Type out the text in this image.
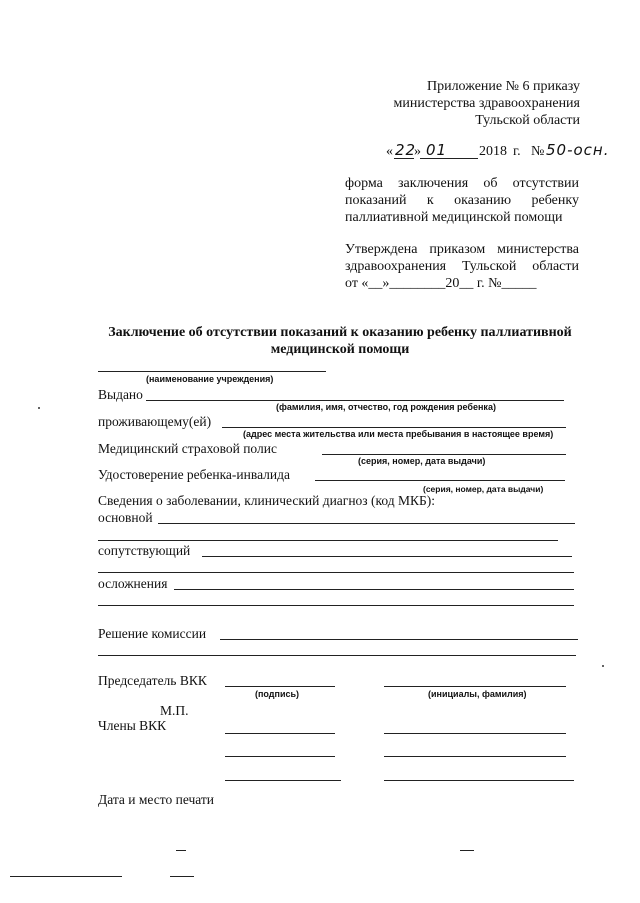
Приложение № 6 приказу
министерства здравоохранения
Тульской области
« 22
» 01 2018 г. № 50-осн.
форма заключения об отсутствии
показаний к оказанию ребенку
паллиативной медицинской помощи
Утверждена приказом министерства
здравоохранения Тульской области
от «__»________20__ г. №_____
Заключение об отсутствии показаний к оказанию ребенку паллиативной
медицинской помощи
(наименование учреждения)
Выдано
(фамилия, имя, отчество, год рождения ребенка)
проживающему(ей)
(адрес места жительства или места пребывания в настоящее время)
Медицинский страховой полис
(серия, номер, дата выдачи)
Удостоверение ребенка-инвалида
(серия, номер, дата выдачи)
Сведения о заболевании, клинический диагноз (код МКБ):
основной
сопутствующий
осложнения
Решение комиссии
Председатель ВКК
(подпись)	(инициалы, фамилия)
М.П.
Члены ВКК
Дата и место печати
